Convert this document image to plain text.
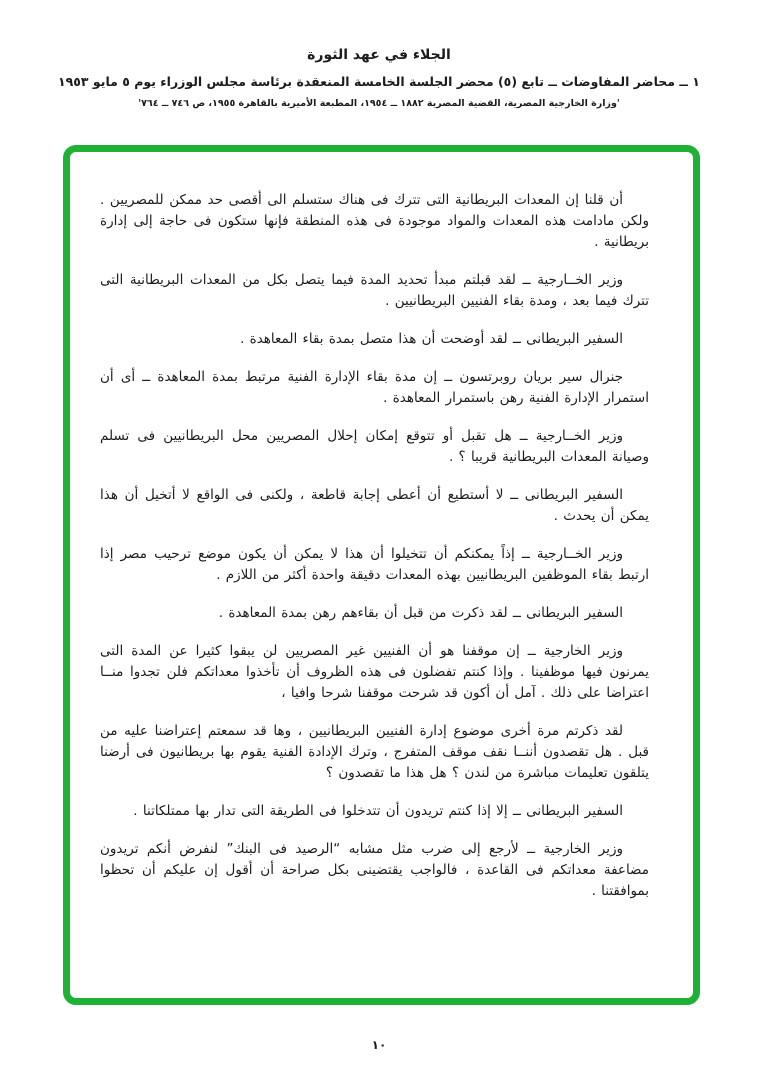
الجلاء في عهد الثورة
١ ــ محاضر المفاوضات ــ تابع (٥) محضر الجلسة الخامسة المنعقدة برئاسة مجلس الوزراء يوم ٥ مايو ١٩٥٣
'وزارة الخارجية المصرية، القضية المصرية ١٨٨٢ ــ ١٩٥٤، المطبعة الأميرية بالقاهرة ١٩٥٥، ص ٧٤٦ ــ ٧٦٤'

أن قلنا إن المعدات البريطانية التى تترك فى هناك ستسلم الى أقصى حد ممكن للمصريين . ولكن مادامت هذه المعدات والمواد موجودة فى هذه المنطقة فإنها ستكون فى حاجة إلى إدارة بريطانية .

وزير الخــارجية ــ لقد قبلتم مبدأ تحديد المدة فيما يتصل بكل من المعدات البريطانية التى تترك فيما بعد ، ومدة بقاء الفنيين البريطانيين .

السفير البريطانى ــ لقد أوضحت أن هذا متصل بمدة بقاء المعاهدة .

جنرال سير بريان روبرتسون ــ إن مدة بقاء الإدارة الفنية مرتبط بمدة المعاهدة ــ أى أن استمرار الإدارة الفنية رهن باستمرار المعاهدة .

وزير الخــارجية ــ هل تقبل أو تتوقع إمكان إحلال المصريين محل البريطانيين فى تسلم وصيانة المعدات البريطانية قريبا ؟ .

السفير البريطانى ــ لا أستطيع أن أعطى إجابة قاطعة ، ولكنى فى الواقع لا أتخيل أن هذا يمكن أن يحدث .

وزير الخــارجية ــ إذاً يمكنكم أن تتخيلوا أن هذا لا يمكن أن يكون موضع ترحيب مصر إذا ارتبط بقاء الموظفين البريطانيين بهذه المعدات دقيقة واحدة أكثر من اللازم .

السفير البريطانى ــ لقد ذكرت من قبل أن بقاءهم رهن بمدة المعاهدة .

وزير الخارجية ــ إن موقفنا هو أن الفنيين غير المصريين لن يبقوا كثيرا عن المدة التى يمرنون فيها موظفينا . وإذا كنتم تفضلون فى هذه الظروف أن تأخذوا معداتكم فلن تجدوا منــا اعتراضا على ذلك . آمل أن أكون قد شرحت موقفنا شرحا وافيا ،

لقد ذكرتم مرة أخرى موضوع إدارة الفنيين البريطانيين ، وها قد سمعتم إعتراضنا عليه من قبل . هل تقصدون أننــا نقف موقف المتفرج ، وترك الإدادة الفنية يقوم بها بريطانيون فى أرضنا يتلقون تعليمات مباشرة من لندن ؟ هل هذا ما تقصدون ؟

السفير البريطانى ــ إلا إذا كنتم تريدون أن تتدخلوا فى الطريقة التى تدار بها ممتلكاتنا .

وزير الخارجية ــ لأرجع إلى ضرب مثل مشابه “الرصيد فى البنك” لنفرض أنكم تريدون مضاعفة معداتكم فى القاعدة ، فالواجب يقتضينى بكل صراحة أن أقول إن عليكم أن تحظوا بموافقتنا .

١٠
